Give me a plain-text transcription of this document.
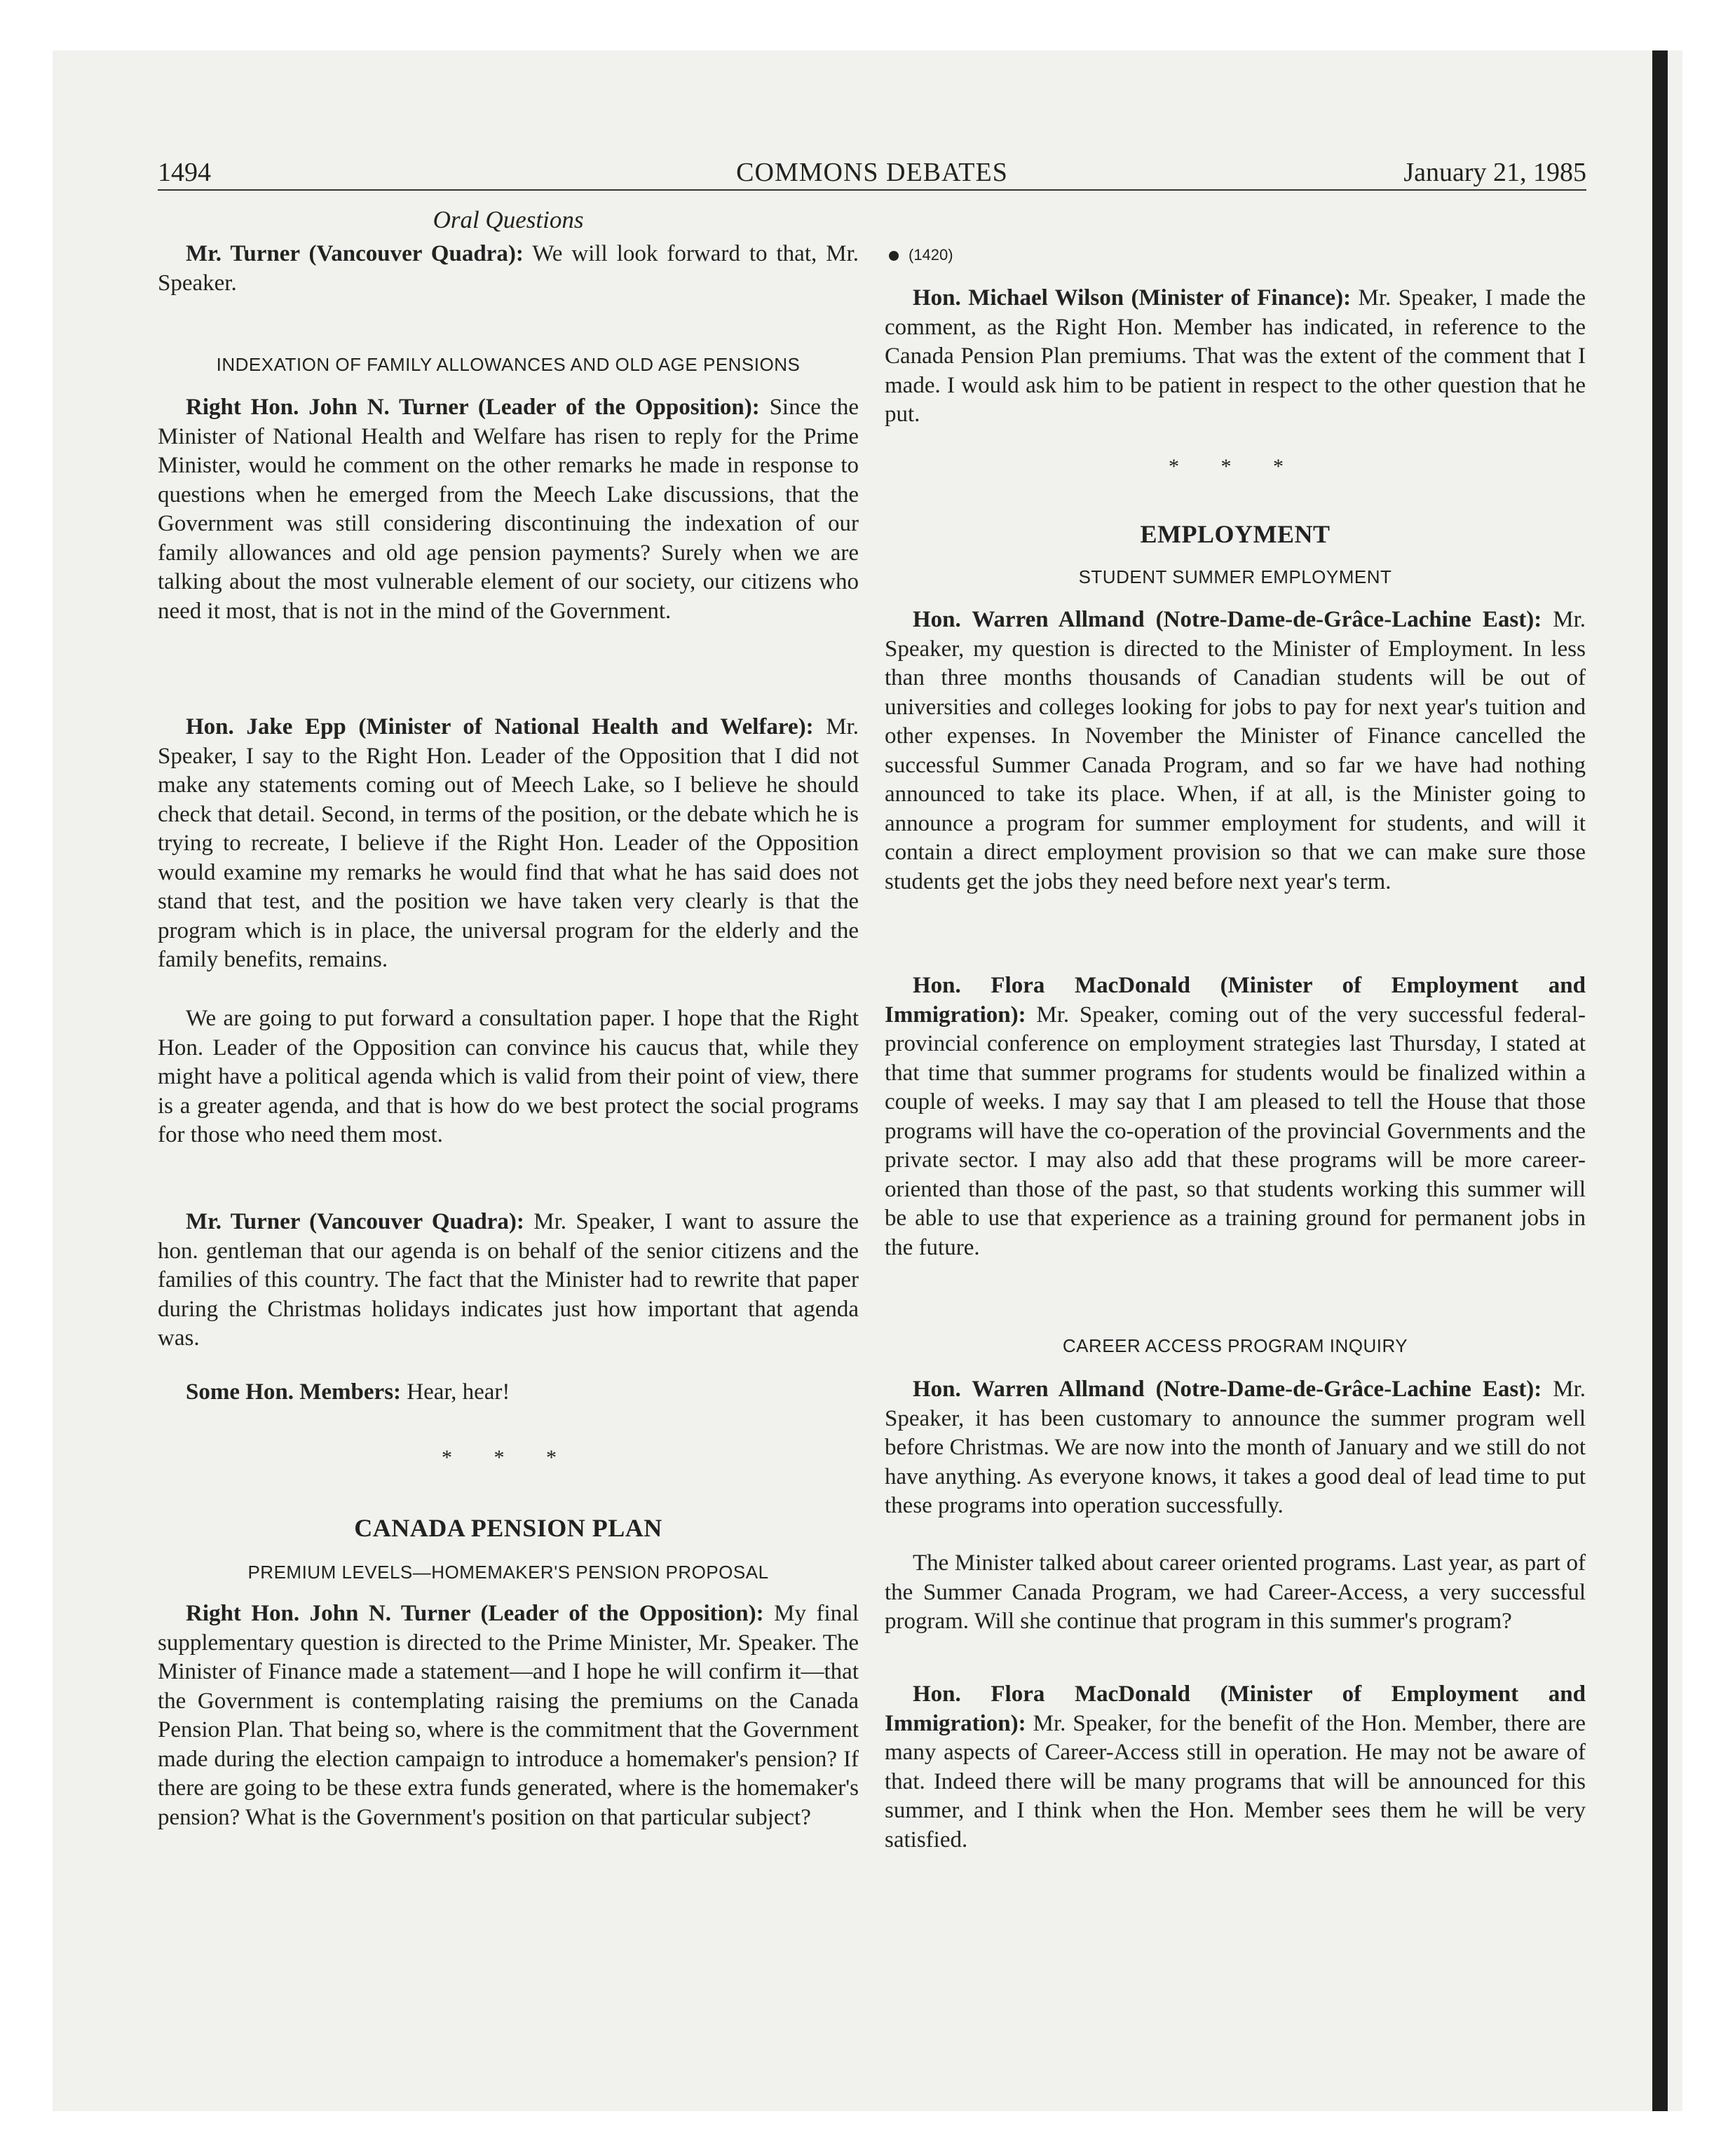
1494	COMMONS DEBATES	January 21, 1985
Oral Questions

Mr. Turner (Vancouver Quadra): We will look forward to that, Mr. Speaker.

INDEXATION OF FAMILY ALLOWANCES AND OLD AGE PENSIONS

Right Hon. John N. Turner (Leader of the Opposition): Since the Minister of National Health and Welfare has risen to reply for the Prime Minister, would he comment on the other remarks he made in response to questions when he emerged from the Meech Lake discussions, that the Government was still considering discontinuing the indexation of our family allowances and old age pension payments? Surely when we are talking about the most vulnerable element of our society, our citizens who need it most, that is not in the mind of the Government.

Hon. Jake Epp (Minister of National Health and Welfare): Mr. Speaker, I say to the Right Hon. Leader of the Opposition that I did not make any statements coming out of Meech Lake, so I believe he should check that detail. Second, in terms of the position, or the debate which he is trying to recreate, I believe if the Right Hon. Leader of the Opposition would examine my remarks he would find that what he has said does not stand that test, and the position we have taken very clearly is that the program which is in place, the universal program for the elderly and the family benefits, remains.

We are going to put forward a consultation paper. I hope that the Right Hon. Leader of the Opposition can convince his caucus that, while they might have a political agenda which is valid from their point of view, there is a greater agenda, and that is how do we best protect the social programs for those who need them most.

Mr. Turner (Vancouver Quadra): Mr. Speaker, I want to assure the hon. gentleman that our agenda is on behalf of the senior citizens and the families of this country. The fact that the Minister had to rewrite that paper during the Christmas holidays indicates just how important that agenda was.

Some Hon. Members: Hear, hear!

* * *
CANADA PENSION PLAN
PREMIUM LEVELS—HOMEMAKER'S PENSION PROPOSAL

Right Hon. John N. Turner (Leader of the Opposition): My final supplementary question is directed to the Prime Minister, Mr. Speaker. The Minister of Finance made a statement—and I hope he will confirm it—that the Government is contemplating raising the premiums on the Canada Pension Plan. That being so, where is the commitment that the Government made during the election campaign to introduce a homemaker's pension? If there are going to be these extra funds generated, where is the homemaker's pension? What is the Government's position on that particular subject?

(1420)

Hon. Michael Wilson (Minister of Finance): Mr. Speaker, I made the comment, as the Right Hon. Member has indicated, in reference to the Canada Pension Plan premiums. That was the extent of the comment that I made. I would ask him to be patient in respect to the other question that he put.

* * *
EMPLOYMENT
STUDENT SUMMER EMPLOYMENT

Hon. Warren Allmand (Notre-Dame-de-Grâce-Lachine East): Mr. Speaker, my question is directed to the Minister of Employment. In less than three months thousands of Canadian students will be out of universities and colleges looking for jobs to pay for next year's tuition and other expenses. In November the Minister of Finance cancelled the successful Summer Canada Program, and so far we have had nothing announced to take its place. When, if at all, is the Minister going to announce a program for summer employment for students, and will it contain a direct employment provision so that we can make sure those students get the jobs they need before next year's term.

Hon. Flora MacDonald (Minister of Employment and Immigration): Mr. Speaker, coming out of the very successful federal-provincial conference on employment strategies last Thursday, I stated at that time that summer programs for students would be finalized within a couple of weeks. I may say that I am pleased to tell the House that those programs will have the co-operation of the provincial Governments and the private sector. I may also add that these programs will be more career-oriented than those of the past, so that students working this summer will be able to use that experience as a training ground for permanent jobs in the future.

CAREER ACCESS PROGRAM INQUIRY

Hon. Warren Allmand (Notre-Dame-de-Grâce-Lachine East): Mr. Speaker, it has been customary to announce the summer program well before Christmas. We are now into the month of January and we still do not have anything. As everyone knows, it takes a good deal of lead time to put these programs into operation successfully.

The Minister talked about career oriented programs. Last year, as part of the Summer Canada Program, we had Career-Access, a very successful program. Will she continue that program in this summer's program?

Hon. Flora MacDonald (Minister of Employment and Immigration): Mr. Speaker, for the benefit of the Hon. Member, there are many aspects of Career-Access still in operation. He may not be aware of that. Indeed there will be many programs that will be announced for this summer, and I think when the Hon. Member sees them he will be very satisfied.
